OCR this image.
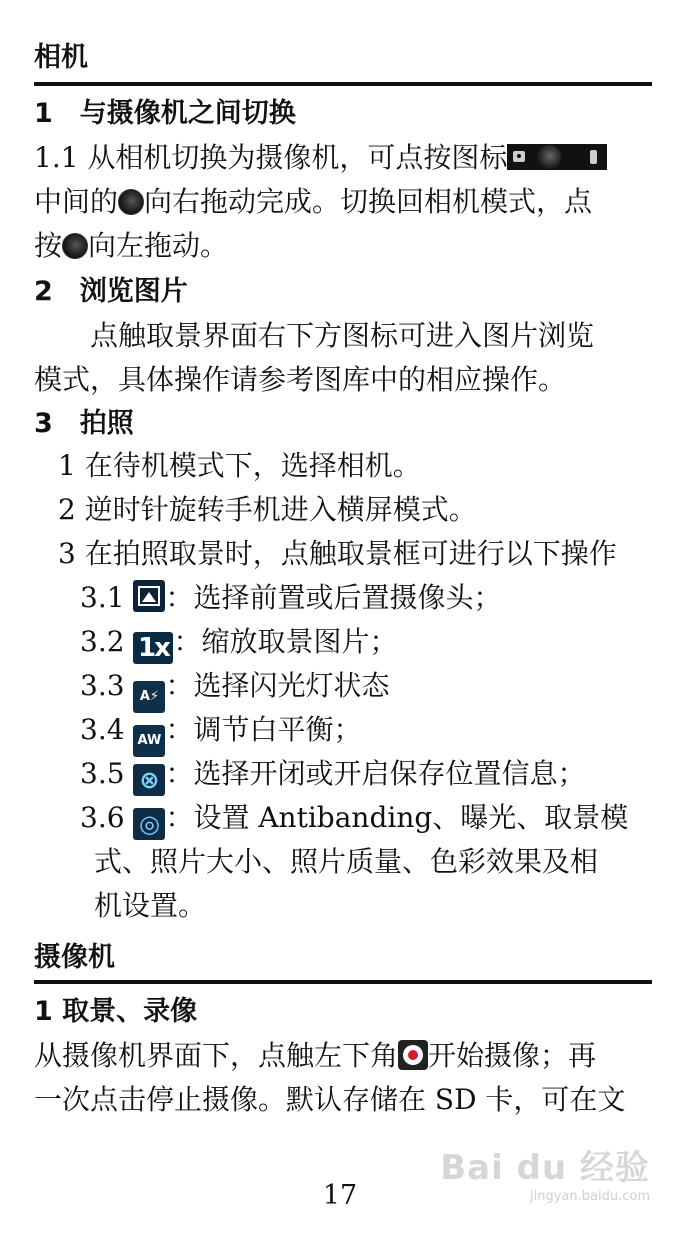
相机
1　与摄像机之间切换
1.1 从相机切换为摄像机，可点按图标
中间的 向右拖动完成。切换回相机模式，点
按 向左拖动。
2　浏览图片
　　点触取景界面右下方图标可进入图片浏览
模式，具体操作请参考图库中的相应操作。
3　拍照
1 在待机模式下，选择相机。
2 逆时针旋转手机进入横屏模式。
3 在拍照取景时，点触取景框可进行以下操作
3.1 ：选择前置或后置摄像头；
3.2 1x ：缩放取景图片；
3.3 A⚡ ：选择闪光灯状态
3.4 AW ：调节白平衡；
3.5 ⊗ ：选择开闭或开启保存位置信息；
3.6 ◎ ：设置 Antibanding、曝光、取景模
式、照片大小、照片质量、色彩效果及相
机设置。
摄像机
1 取景、录像
从摄像机界面下，点触左下角 开始摄像；再
一次点击停止摄像。默认存储在 SD 卡，可在文
17
Bai du 经验
jingyan.baidu.com
